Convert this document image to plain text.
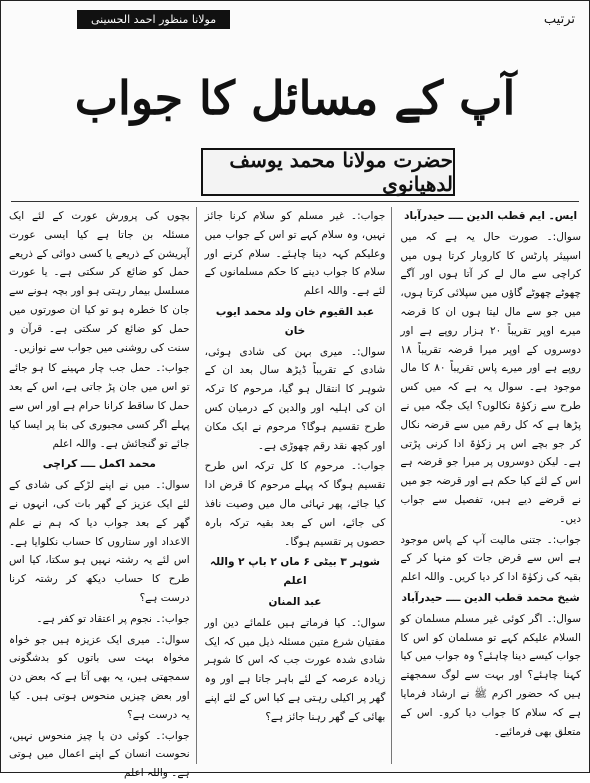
ترتیب
مولانا منظور احمد الحسینی
آپ کے مسائل کا جواب
حضرت مولانا محمد یوسف لدھیانوی

ایس۔ ایم قطب الدین ــــ حیدرآباد

سوال:۔ صورت حال یہ ہے کہ میں اسپیئر پارٹس کا کاروبار کرتا ہوں میں کراچی سے مال لے کر آتا ہوں اور آگے چھوٹے چھوٹے گاؤں میں سپلائی کرتا ہوں، میں جو سے مال لیتا ہوں ان کا قرضہ میرے اوپر تقریباً ۲۰ ہزار روپے ہے اور دوسروں کے اوپر میرا قرضہ تقریباً ۱۸ روپے ہے اور میرے پاس تقریباً ۸۰ کا مال موجود ہے۔ سوال یہ ہے کہ میں کس طرح سے زکوٰۃ نکالوں؟ ایک جگہ میں نے پڑھا ہے کہ کل رقم میں سے قرضہ نکال کر جو بچے اس پر زکوٰۃ ادا کرنی پڑتی ہے۔ لیکن دوسروں پر میرا جو قرضہ ہے اس کے لئے کیا حکم ہے اور قرضہ جو میں نے قرضے دیے ہیں، تفصیل سے جواب دیں۔

جواب:۔ جتنی مالیت آپ کے پاس موجود ہے اس سے قرض جات کو منہا کر کے بقیہ کی زکوٰۃ ادا کر دیا کریں۔ واللہ اعلم

شیخ محمد قطب الدین ــــ حیدرآباد

سوال:۔ اگر کوئی غیر مسلم مسلمان کو السلام علیکم کہے تو مسلمان کو اس کا جواب کیسے دینا چاہئے؟ وہ جواب میں کیا کہنا چاہئے؟ اور بہت سے لوگ سمجھتے ہیں کہ حضور اکرم ﷺ نے ارشاد فرمایا ہے کہ سلام کا جواب دیا کرو۔ اس کے متعلق بھی فرمائیے۔

جواب:۔ غیر مسلم کو سلام کرنا جائز نہیں، وہ سلام کہے تو اس کے جواب میں وعلیکم کہہ دینا چاہئے۔ سلام کرنے اور سلام کا جواب دینے کا حکم مسلمانوں کے لئے ہے۔ واللہ اعلم

عبد القیوم خان ولد محمد ایوب خان

سوال:۔ میری بہن کی شادی ہوئی، شادی کے تقریباً ڈیڑھ سال بعد ان کے شوہر کا انتقال ہو گیا، مرحوم کا ترکہ ان کی اہلیہ اور والدین کے درمیان کس طرح تقسیم ہوگا؟ مرحوم نے ایک مکان اور کچھ نقد رقم چھوڑی ہے۔

جواب:۔ مرحوم کا کل ترکہ اس طرح تقسیم ہوگا کہ پہلے مرحوم کا قرض ادا کیا جائے، پھر تہائی مال میں وصیت نافذ کی جائے، اس کے بعد بقیہ ترکہ بارہ حصوں پر تقسیم ہوگا۔

شوہر ۳ بیٹی ۶ ماں ۲ باپ ۲ واللہ اعلم

عبد المنان

سوال:۔ کیا فرماتے ہیں علمائے دین اور مفتیان شرع متین مسئلہ ذیل میں کہ ایک شادی شدہ عورت جب کہ اس کا شوہر زیادہ عرصہ کے لئے باہر جاتا ہے اور وہ گھر پر اکیلی رہتی ہے کیا اس کے لئے اپنے بھائی کے گھر رہنا جائز ہے؟

بچوں کی پرورش عورت کے لئے ایک مسئلہ بن جاتا ہے کیا ایسی عورت آپریشن کے ذریعے یا کسی دوائی کے ذریعے حمل کو ضائع کر سکتی ہے۔ یا عورت مسلسل بیمار رہتی ہو اور بچہ ہونے سے جان کا خطرہ ہو تو کیا ان صورتوں میں حمل کو ضائع کر سکتی ہے۔ قرآن و سنت کی روشنی میں جواب سے نوازیں۔

جواب:۔ حمل جب چار مہینے کا ہو جائے تو اس میں جان پڑ جاتی ہے، اس کے بعد حمل کا ساقط کرانا حرام ہے اور اس سے پہلے اگر کسی مجبوری کی بنا پر ایسا کیا جائے تو گنجائش ہے۔ واللہ اعلم

محمد اکمل ــــ کراچی

سوال:۔ میں نے اپنے لڑکے کی شادی کے لئے ایک عزیز کے گھر بات کی، انہوں نے گھر کے بعد جواب دیا کہ ہم نے علم الاعداد اور ستاروں کا حساب نکلوایا ہے۔ اس لئے یہ رشتہ نہیں ہو سکتا، کیا اس طرح کا حساب دیکھ کر رشتہ کرنا درست ہے؟

جواب:۔ نجوم پر اعتقاد تو کفر ہے۔

سوال:۔ میری ایک عزیزہ ہیں جو خواہ مخواہ بہت سی باتوں کو بدشگونی سمجھتی ہیں، یہ بھی آتا ہے کہ بعض دن اور بعض چیزیں منحوس ہوتی ہیں۔ کیا یہ درست ہے؟

جواب:۔ کوئی دن یا چیز منحوس نہیں، نحوست انسان کے اپنے اعمال میں ہوتی ہے۔ واللہ اعلم
